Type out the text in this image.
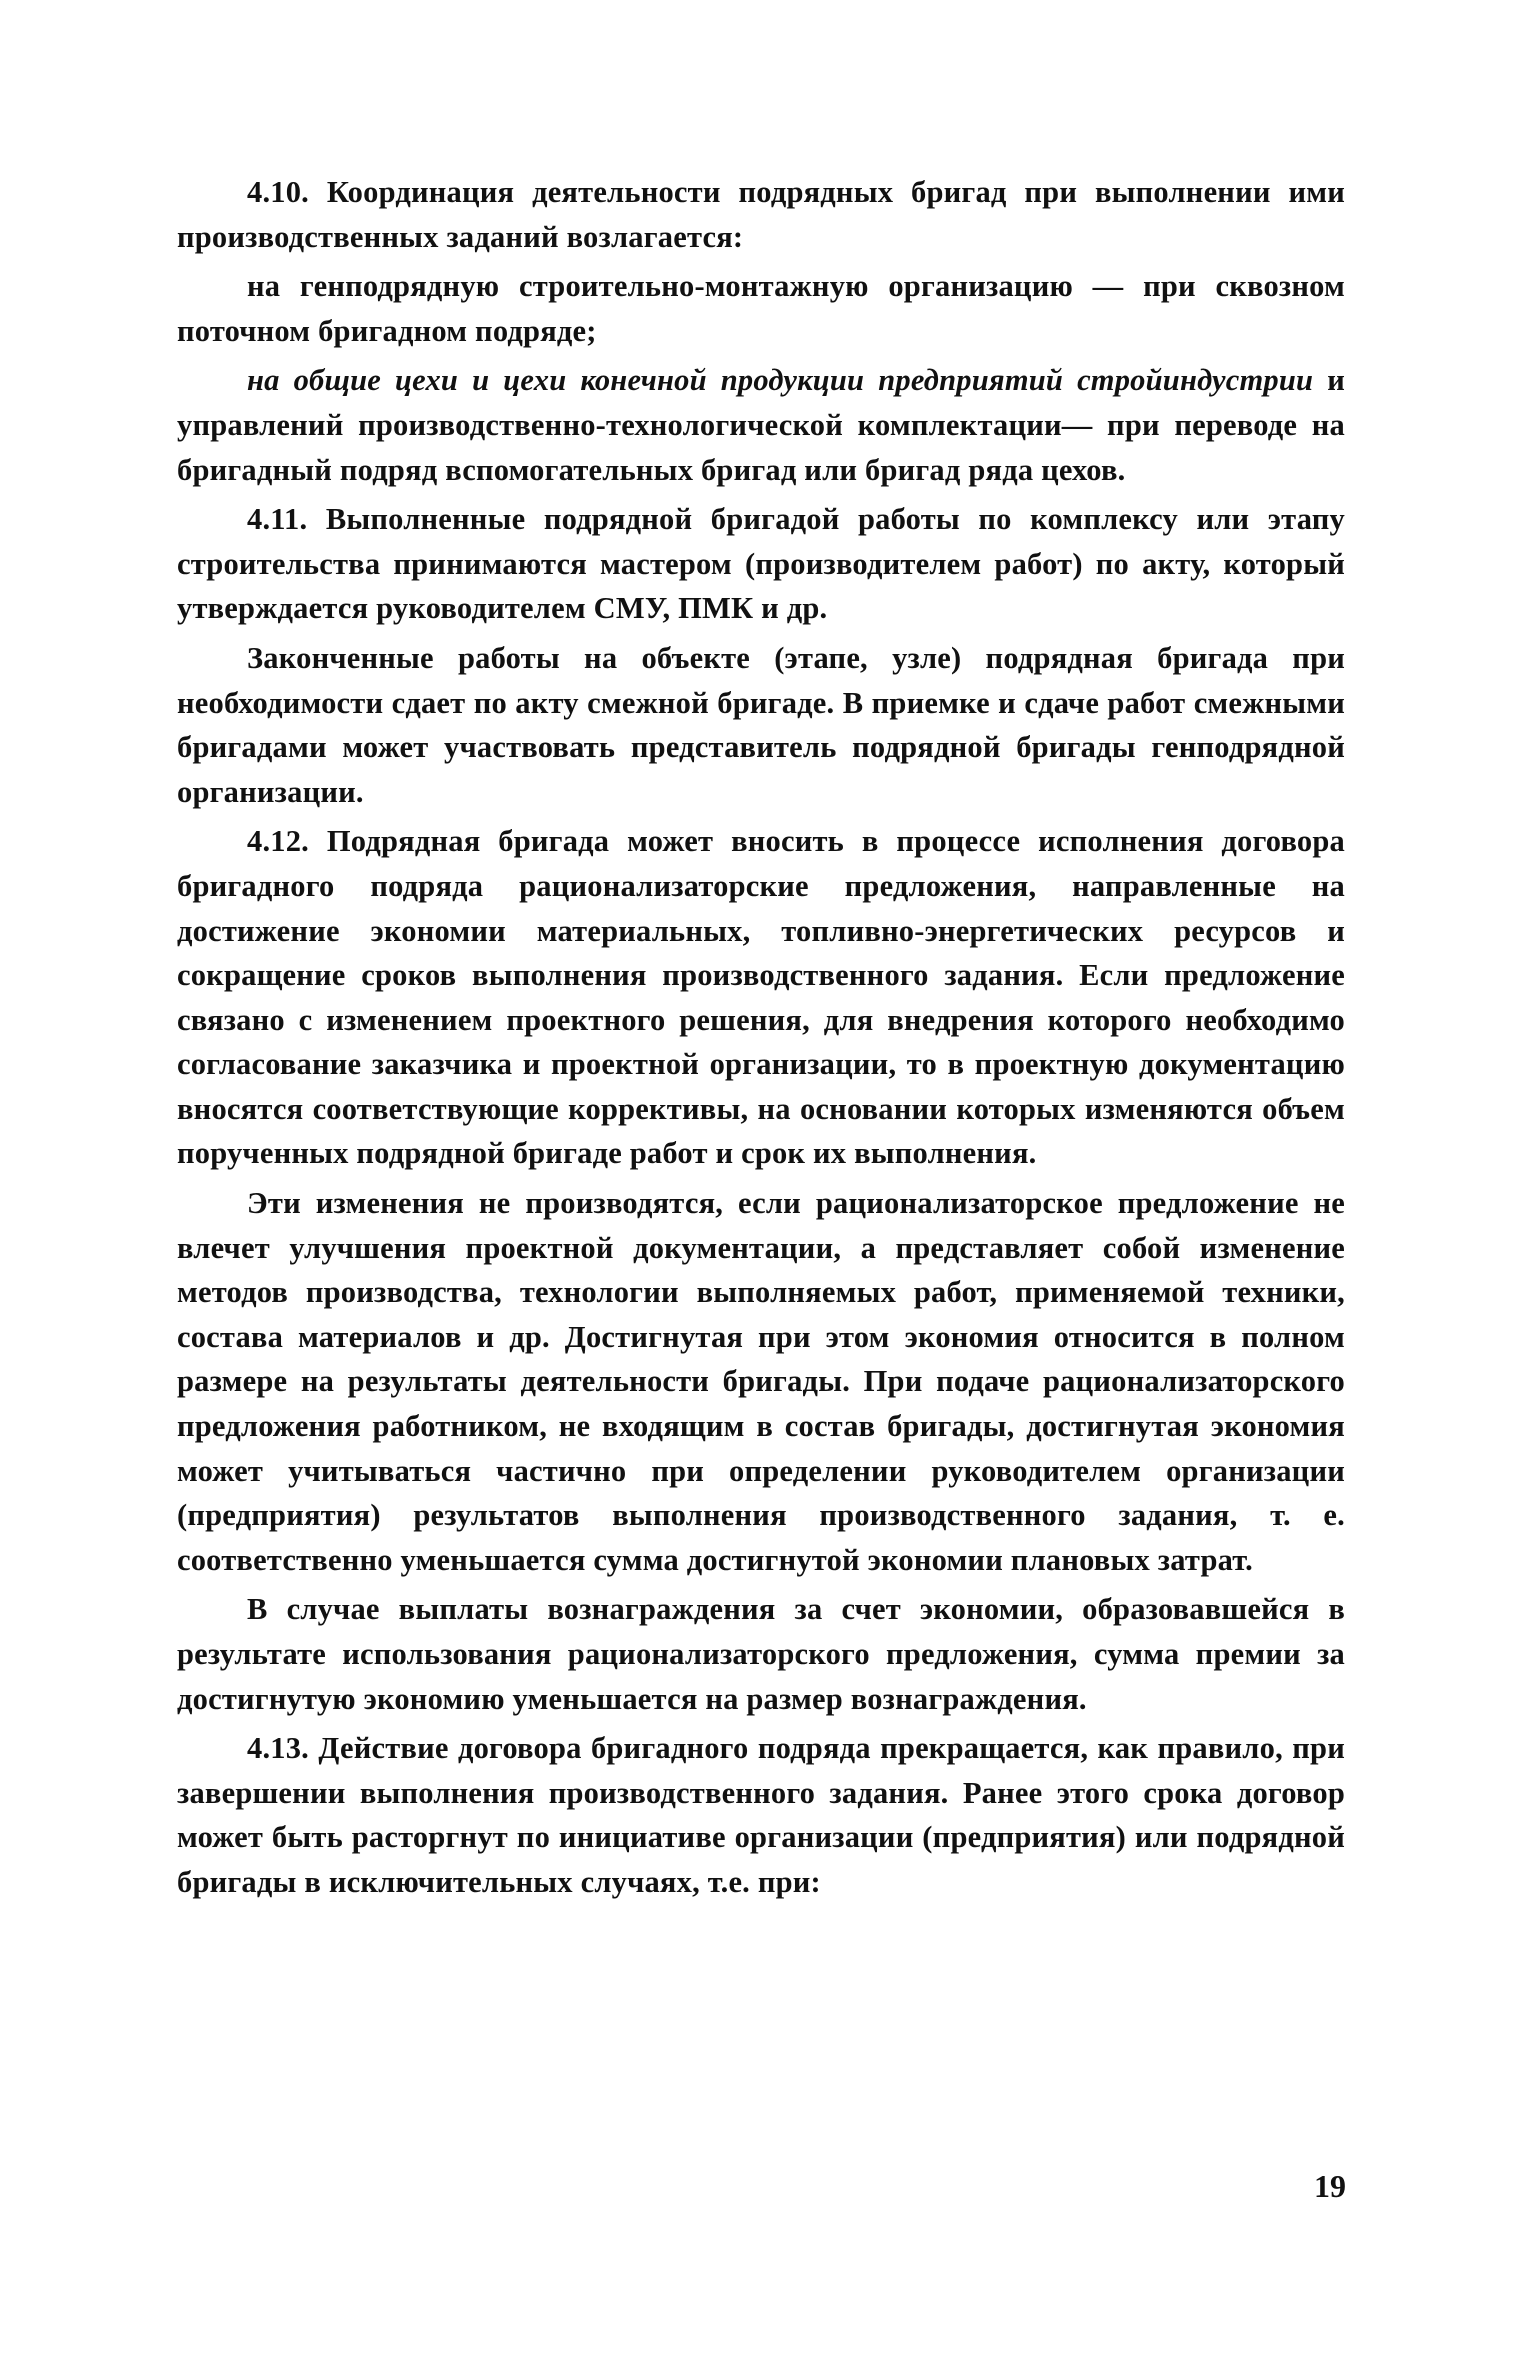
4.10. Координация деятельности подрядных бригад при выполнении ими производственных заданий возлагается:

на генподрядную строительно-монтажную организацию — при сквозном поточном бригадном подряде;

на общие цехи и цехи конечной продукции предприятий стройиндустрии и управлений производственно-технологической комплектации— при переводе на бригадный подряд вспомогательных бригад или бригад ряда цехов.

4.11. Выполненные подрядной бригадой работы по комплексу или этапу строительства принимаются мастером (производителем работ) по акту, который утверждается руководителем СМУ, ПМК и др.

Законченные работы на объекте (этапе, узле) подрядная бригада при необходимости сдает по акту смежной бригаде. В приемке и сдаче работ смежными бригадами может участвовать представитель подрядной бригады генподрядной организации.

4.12. Подрядная бригада может вносить в процессе исполнения договора бригадного подряда рационализаторские предложения, направленные на достижение экономии материальных, топливно-энергетических ресурсов и сокращение сроков выполнения производственного задания. Если предложение связано с изменением проектного решения, для внедрения которого необходимо согласование заказчика и проектной организации, то в проектную документацию вносятся соответствующие коррективы, на основании которых изменяются объем порученных подрядной бригаде работ и срок их выполнения.

Эти изменения не производятся, если рационализаторское предложение не влечет улучшения проектной документации, а представляет собой изменение методов производства, технологии выполняемых работ, применяемой техники, состава материалов и др. Достигнутая при этом экономия относится в полном размере на результаты деятельности бригады. При подаче рационализаторского предложения работником, не входящим в состав бригады, достигнутая экономия может учитываться частично при определении руководителем организации (предприятия) результатов выполнения производственного задания, т. е. соответственно уменьшается сумма достигнутой экономии плановых затрат.

В случае выплаты вознаграждения за счет экономии, образовавшейся в результате использования рационализаторского предложения, сумма премии за достигнутую экономию уменьшается на размер вознаграждения.

4.13. Действие договора бригадного подряда прекращается, как правило, при завершении выполнения производственного задания. Ранее этого срока договор может быть расторгнут по инициативе организации (предприятия) или подрядной бригады в исключительных случаях, т.е. при:

19
